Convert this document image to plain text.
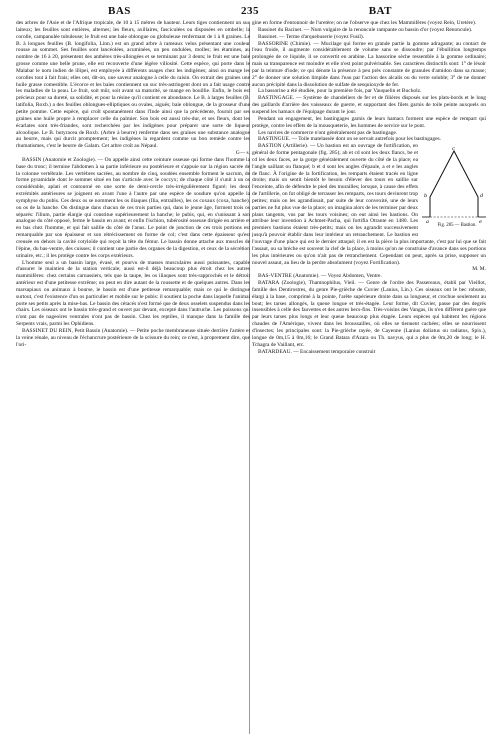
BAS	235	BAT

des arbres de l'Asie et de l'Afrique tropicale, de 10 à 15 mètres de hauteur. Leurs tiges contiennent un suc laiteux; les feuilles sont entières, alternes; les fleurs, axillaires, fasciculées ou disposées en ombelle; la corolle, campanulée tubuleuse; le fruit est une baie oblongue ou globuleuse renfermant de 1 à 8 graines. Le B. à longues feuilles (B. longifolia, Linn.) est un grand arbre à rameaux velus présentant une couleur rousse au sommet. Ses feuilles sont lancéolées, acuminées, un peu ondulées, molles; les étamines, au nombre de 16 à 20, présentent des anthères très-allongées et se terminant par 3 dents; le fruit est une baie grosse comme une belle prune, elle est recouverte d'une légère villosité. Cette espèce, qui porte dans le Malabar le nom indien de illipei, est employée à différents usages chez les indigènes; ainsi on mange les corolles tout à fait frais; elles ont, dit-on, une saveur analogue à celle du raisin. On extrait des graines une huile grasse comestible. L'écorce et les baies contiennent un suc très-astringent dont on a fait usage contre les maladies de la peau. Le fruit, soit mûr, soit avant sa maturité, se mange en bouillie. Enfin, le bois est précieux pour sa dureté, sa solidité, et pour la résine qu'il contient en abondance. Le B. à larges feuilles (B. latifolia, Roxb.) a des feuilles oblongues-elliptiques ou ovales, aiguës; baie oblongue, de la grosseur d'une petite pomme. Cette espèce, qui croît spontanément dans l'Inde ainsi que la précédente, fournit par ses graines une huile propre à remplacer celle du palmier. Son bois est aussi très-dur, et ses fleurs, dont les écarlates sont très-friandes, sont recherchées par les indigènes pour préparer une sorte de liqueur alcoolique. Le B. butyracea de Roxb. (Arbre à beurre) renferme dans ses graines une substance analogue au beurre, mais qui durcit promptement; les indigènes la regardent comme un bon remède contre les rhumatismes, c'est le beurre de Galam. Cet arbre croît au Népaul.

G— s.

BASSIN (Anatomie et Zoologie). — On appelle ainsi cette ceinture osseuse qui forme dans l'homme la base du tronc; il termine l'abdomen à sa partie inférieure ou postérieure et s'appuie sur la région sacrée de la colonne vertébrale. Les vertèbres sacrées, au nombre de cinq, soudées ensemble forment le sacrum, de forme pyramidale dont le sommet situé en bas s'articule avec le coccyx; de chaque côté il s'unit à un os considérable, aplati et contourné en une sorte de demi-cercle très-irrégulièrement figuré; les deux extrémités antérieures se joignent en avant l'une à l'autre par une espèce de soudure qu'on appelle la symphyse du pubis. Ces deux os se nomment les os iliaques (Ilia, entrailles), les os coxaux (coxa, hanche), ou os de la hanche. On distingue dans chacun de ces trois parties qui, dans le jeune âge, forment trois os séparés: l'ilium, partie élargie qui constitue supérieurement la hanche; le pubis, qui, en s'unissant à son analogue du côté opposé, ferme le bassin en avant; et enfin l'ischion, tubérosité osseuse dirigée en arrière et en bas chez l'homme, et qui fait saillie du côté de l'anus. Le point de jonction de ces trois portions est remarquable par son épaisseur et son rétrécissement en forme de col; c'est dans cette épaisseur qu'est creusée en dehors la cavité cotyloïde qui reçoit la tête du fémur. Le bassin donne attache aux muscles de l'épine, du bas-ventre, des cuisses; il contient une partie des organes de la digestion, et ceux de la sécrétion urinaire, etc.; il les protège contre les corps extérieurs.

L'homme seul a un bassin large, évasé, et pourvu de masses musculaires aussi puissantes, capable d'assurer le maintien de la station verticale; aussi est-il déjà beaucoup plus étroit chez les autres mammifères: chez certains carnassiers, tels que la taupe, les os iliaques sont très-rapprochés et le détroit antérieur est d'une petitesse extrême; on peut en dire autant de la roussette et de quelques autres. Dans les marsupiaux ou animaux à bourse, le bassin est d'une petitesse remarquable; mais ce qui le distingue surtout, c'est l'existence d'un os particulier et mobile sur le pubis: il soutient la poche dans laquelle l'animal porte ses petits après la mise-bas. Le bassin des cétacés n'est formé que de deux osselets suspendus dans les chairs. Les oiseaux ont le bassin très-grand et ouvert par devant, excepté dans l'autruche. Les poissons qui n'ont pas de nageoires ventrales n'ont pas de bassin. Chez les reptiles, il manque dans la famille des Serpents vrais, parmi les Ophidiens.

BASSINET DU REIN, Petit Bassin (Anatomie). — Petite poche membraneuse située derrière l'artère et la veine rénale, au niveau de l'échancrure postérieure de la scissure du rein; ce n'est, à proprement dire, que l'ori-

gine en forme d'entonnoir de l'uretère; on ne l'observe que chez les Mammifères (voyez Rein, Uretère).

Bassinet du Bacinet. — Nom vulgaire de la renoncule rampante ou bassin d'or (voyez Renoncule).

Bassinet. — Terme d'arquebuserie (voyez Fusil).

BASSORINE (Chimie). — Mucilage qui forme en grande partie la gomme adragante; au contact de l'eau froide, il augmente considérablement de volume sans se dissoudre; par l'ébullition longtemps prolongée de ce liquide, il se convertit en arabine. La bassorine sèche ressemble à la gomme ordinaire; mais sa transparence est moindre et elle n'est point pulvérisable. Ses caractères distinctifs sont: 1° de lésoir par la teinture d'iode; ce qui dénote la présence à peu près constante de granules d'amidon dans sa masse; 2° de donner une solution limpide dans l'eau par l'action des alcalis ou du verre soluble; 3° de ne donner aucun précipité dans la dissolution de sulfate de sesquioxyde de fer.

La bassorine a été étudiée, pour la première fois, par Vauquelin et Bucholz.

BASTINGAGE. — Système de chandeliers de fer et de filières disposés sur les plats-bords et le long des gaillards d'arrière des vaisseaux de guerre, et supportant des filets garnis de toile peinte auxquels on suspend les hamacs de l'équipage durant le jour.

Pendant un engagement, les bastingages garnis de leurs hamacs forment une espèce de rempart qui protège, contre les effets de la mousqueterie, les hommes de service sur le pont.

Les navires de commerce n'ont généralement pas de bastingage.

BASTINGUE. — Toile matelassée dont on se servait autrefois pour les bastingages.

a
b
c
d
e

Fig. 285 — Bastion.

BASTION (Artillerie). — Un bastion est un ouvrage de fortification, en général de forme pentagonale (fig. 285); ab et cd sont les deux flancs, be et cd les deux faces, ae la gorge généralement ouverte du côté de la place; ea l'angle saillant ou flanqué; b et d sont les angles d'épaule, a et e les angles de flanc. À l'origine de la fortification, les remparts étaient tracés en ligne droite; mais on sentit bientôt le besoin d'élever des tours en saillie sur l'enceinte, afin de défendre le pied des murailles; lorsque, à cause des effets de l'artillerie, on fut obligé de terrasser les remparts, ces tours devinrent trop petites; mais on les agrandissait, par suite de leur convexité, une de leurs parties ne fut plus vue de la place; on imagina alors de les terminer par deux plans tangents, vus par les tours voisines; on eut ainsi les bastions. On attribue leur invention à Achmet-Pacha, qui fortifia Otrante en 1480. Les premiers bastions étaient très-petits; mais on les agrandit successivement jusqu'à pouvoir établir dans leur intérieur un retranchement. Le bastion est l'ouvrage d'une place qui est le dernier attaqué; il en est la pièce la plus importante, c'est par lui que se fait l'assaut, ou sa brèche est souvent la clef de la place, à moins qu'on ne construise d'avance dans ses portions les plus intérieures ou qu'on n'ait pas de retranchement. Cependant on peut, après sa prise, supposer un nouvel assaut, au lieu de la perdre absolument (voyez Fortification).

M. M.

BAS-VENTRE (Anatomie). — Voyez Abdomen, Ventre.

BATARA (Zoologie), Thamnophilus, Vieil. — Genre de l'ordre des Passereaux, établi par Vieillot, famille des Dentirostres, du genre Pie-grièche de Cuvier (Lanius, Lin.). Ces oiseaux ont le bec robuste, élargi à la base, comprimé à la pointe, l'arête supérieure droite dans sa longueur, et crochue seulement au bout; les tarses allongés, la queue longue et très-étagée. Leur forme, dit Cuvier, passe par des degrés insensibles à celle des fauvettes et des autres becs-fins. Très-voisins des Vangas, ils n'en diffèrent guère que par leurs tarses plus longs et leur queue beaucoup plus étagée. Leurs espèces qui habitent les régions chaudes de l'Amérique, vivent dans les broussailles, où elles se tiennent cachées; elles se nourrissent d'insectes; les principales sont: la Pie-grièche rayée, de Cayenne (Lanius doliatus ou radiatus, Spix.), longue de 0m,15 à 0m,16; le Grand Batara d'Azara ou Th. navyus, qui a plus de 0m,20 de long; le H. Tchagra de Vaillant, etc.

BATARDEAU. — Encaissement temporaire construit
